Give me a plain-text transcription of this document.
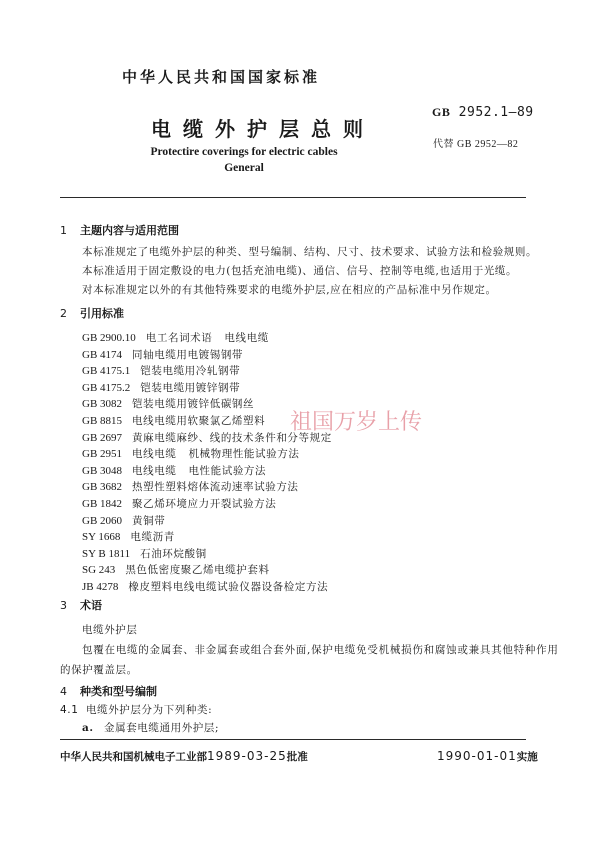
中华人民共和国国家标准
电缆外护层总则
Protectire coverings for electric cables
General
GB 2952.1—89
代替 GB 2952—82
1 主题内容与适用范围
本标准规定了电缆外护层的种类、型号编制、结构、尺寸、技术要求、试验方法和检验规则。
本标准适用于固定敷设的电力(包括充油电缆)、通信、信号、控制等电缆,也适用于光缆。
对本标准规定以外的有其他特殊要求的电缆外护层,应在相应的产品标准中另作规定。
2 引用标准
GB 2900.10 电工名词术语 电线电缆
GB 4174 同轴电缆用电镀锡钢带
GB 4175.1 铠装电缆用冷轧钢带
GB 4175.2 铠装电缆用镀锌钢带
GB 3082 铠装电缆用镀锌低碳钢丝
GB 8815 电线电缆用软聚氯乙烯塑料
GB 2697 黄麻电缆麻纱、线的技术条件和分等规定
GB 2951 电线电缆 机械物理性能试验方法
GB 3048 电线电缆 电性能试验方法
GB 3682 热塑性塑料熔体流动速率试验方法
GB 1842 聚乙烯环境应力开裂试验方法
GB 2060 黄铜带
SY 1668 电缆沥青
SY B 1811 石油环烷酸铜
SG 243 黑色低密度聚乙烯电缆护套料
JB 4278 橡皮塑料电线电缆试验仪器设备检定方法
祖国万岁上传
3 术语
电缆外护层
包覆在电缆的金属套、非金属套或组合套外面,保护电缆免受机械损伤和腐蚀或兼具其他特种作用
的保护覆盖层。
4 种类和型号编制
4.1 电缆外护层分为下列种类:
a. 金属套电缆通用外护层;
中华人民共和国机械电子工业部1989-03-25批准	1990-01-01实施
